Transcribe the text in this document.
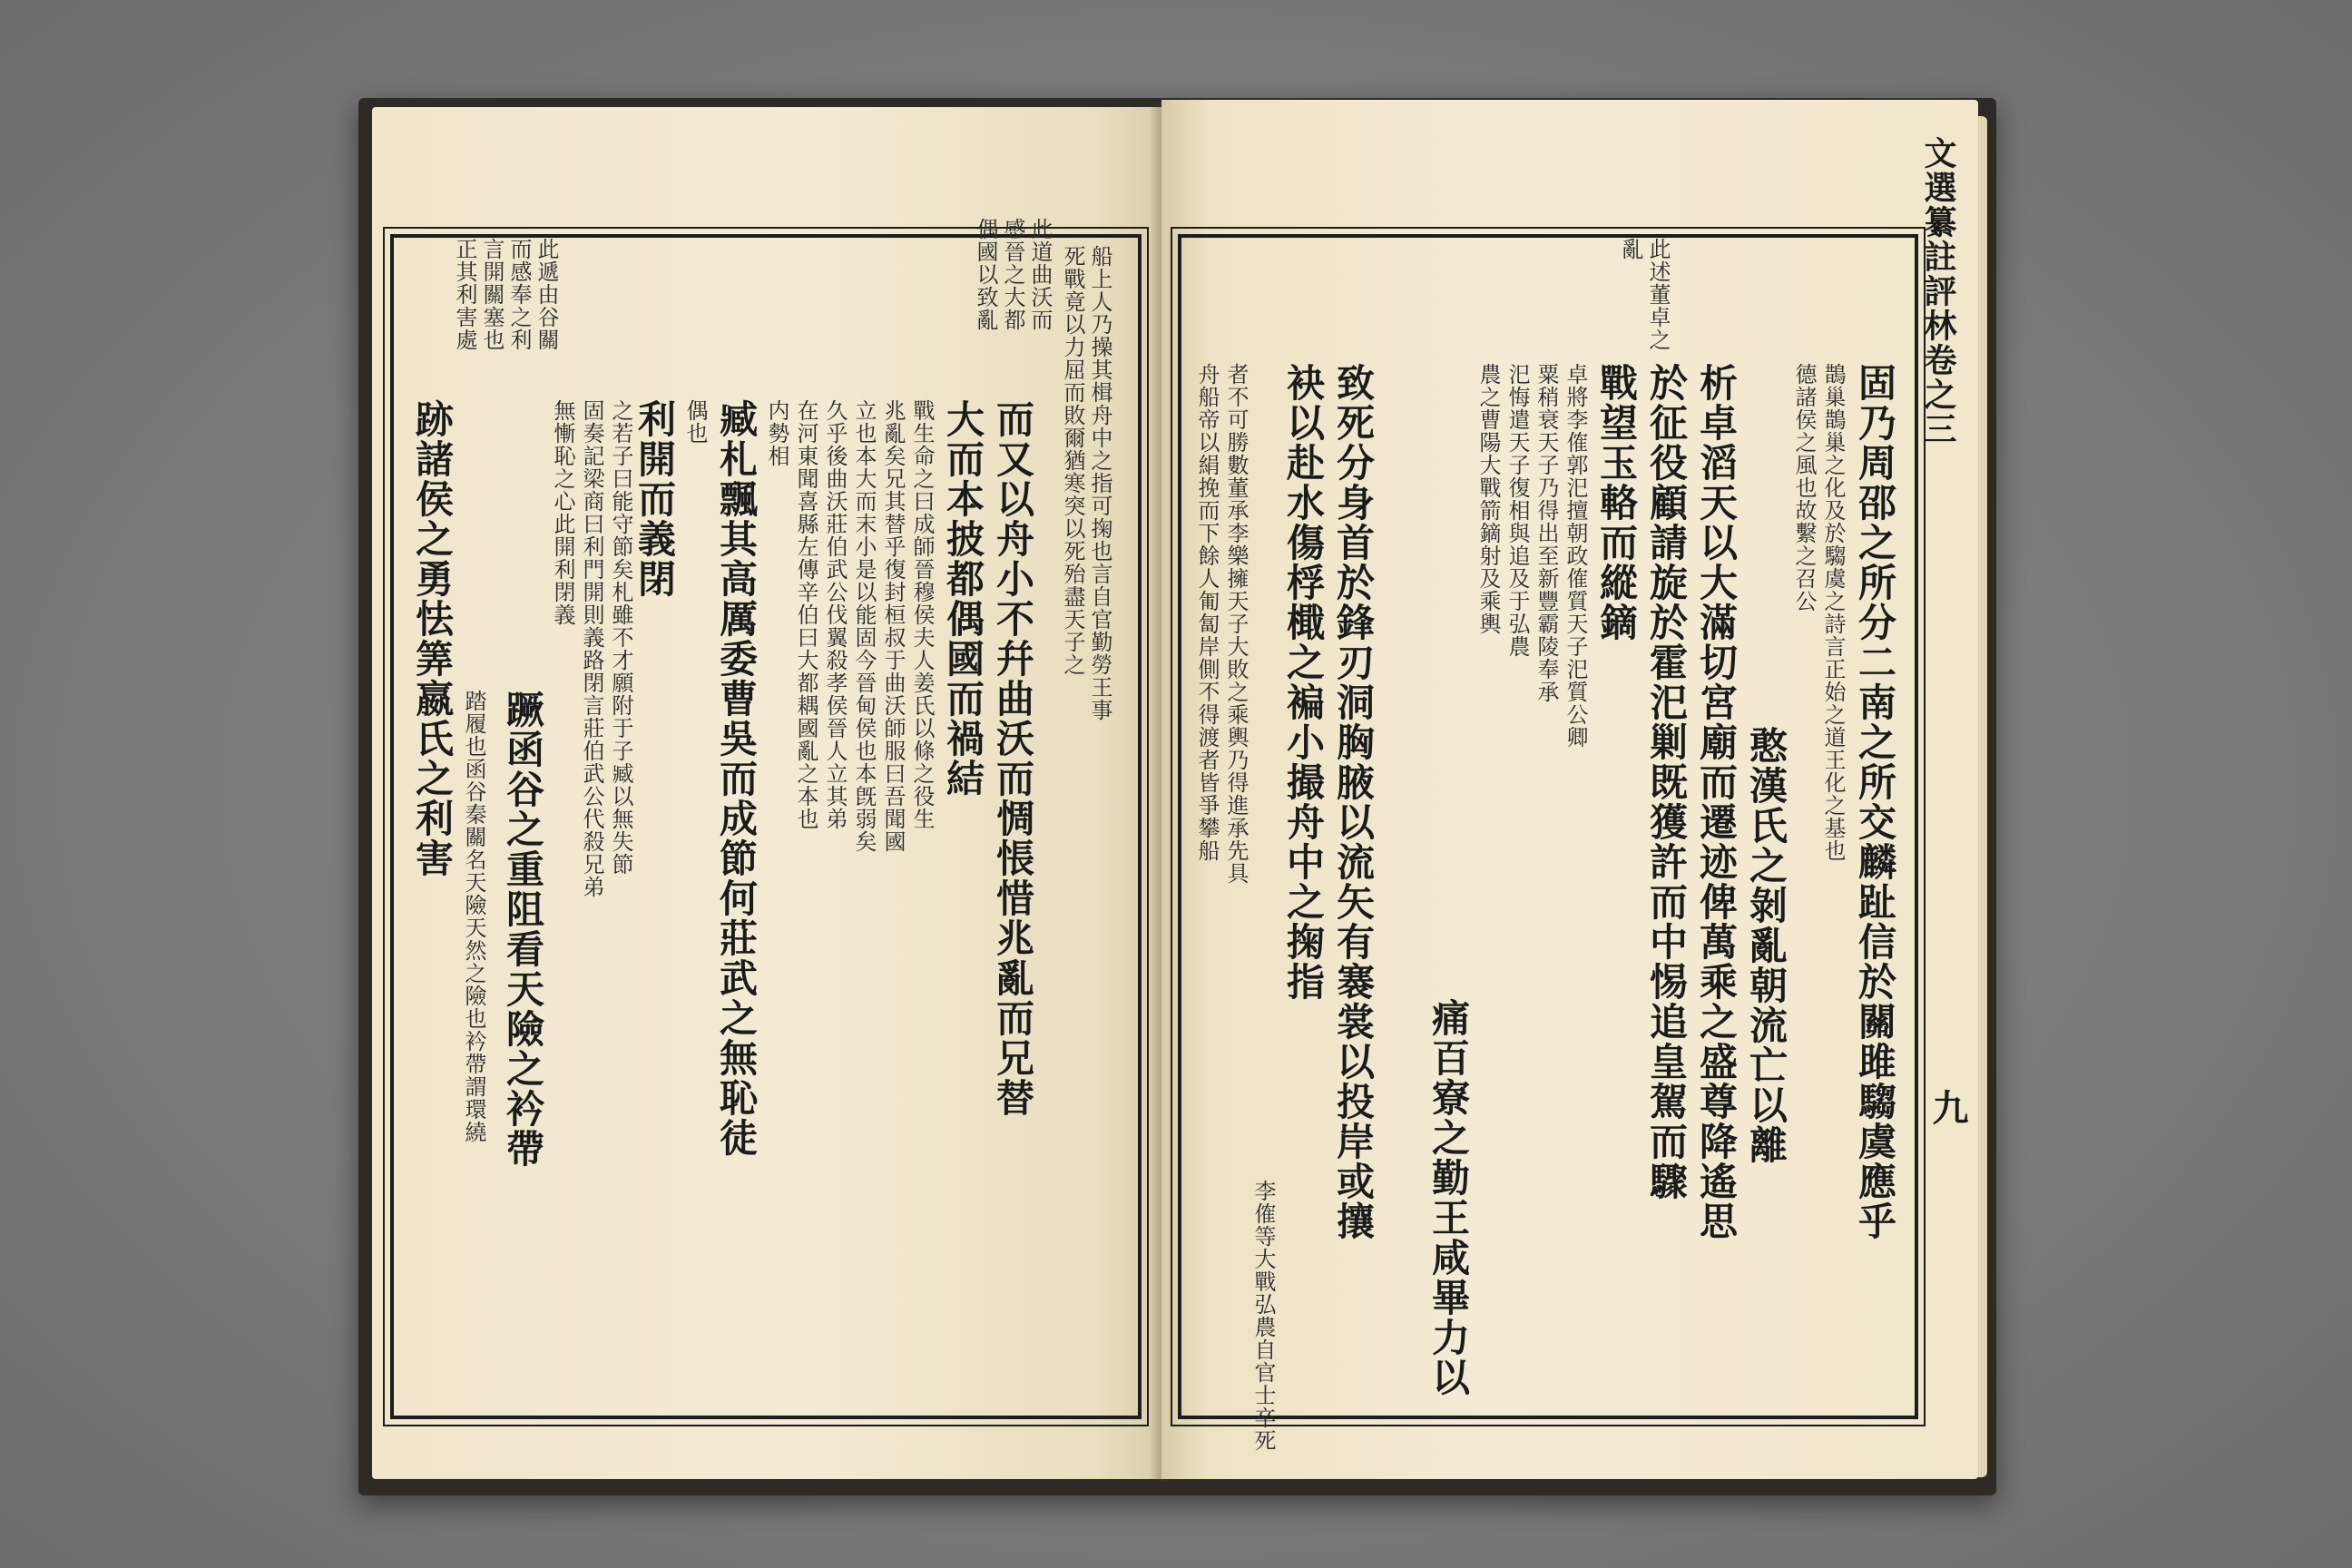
此道曲沃而
感晉之大都
偶國以致亂
此遞由谷關
而感奉之利
言開關塞也
正其利害處	船上人乃操其楫舟中之指可掬也言自官勤勞王事
死戰竟以力屈而敗爾猶寒突以死殆盡天子之
大而本披都偶國而禍結 而又以舟小不幷曲沃而惆悵惜兆亂而兄替
戰生命之曰成師晉穆侯夫人姜氏以條之役生
兆亂矣兄其替乎復封桓叔于曲沃師服曰吾聞國
立也本大而末小是以能固今晉甸侯也本旣弱矣
久乎後曲沃莊伯武公伐翼殺孝侯晉人立其弟
在河東聞喜縣左傳辛伯曰大都耦國亂之本也
内勢相
臧札飄其高厲委曹吳而成節何莊武之無恥徒
偶也
利開而義閉
之若子曰能守節矣札雖不才願附于子臧以無失節
固奏記梁商曰利門開則義路閉言莊伯武公代殺兄弟
跡諸侯之勇怯筭嬴氏之利害	無慚恥之心此開利閉義
蹶函谷之重阻看天險之衿帶
踏履也函谷秦關名天險天然之險也衿帶謂環繞
文選纂註評林卷之三
九
此述董卓之
亂
固乃周邵之所分二南之所交麟趾信於關雎騶虞應乎
鵲巢鵲巢之化及於騶虞之詩言正始之道王化之基也
德諸侯之風也故繫之召公
憨漢氏之剝亂朝流亡以離
析卓滔天以大滿切宮廟而遷迹俾萬乘之盛尊降遙思
於征役顧請旋於霍汜剿既獲許而中惕追皇駕而驟
戰望玉輅而縱鏑
卓將李傕郭汜擅朝政傕質天子汜質公卿
粟稍衰天子乃得出至新豐霸陵奉承
汜悔遣天子復相與追及于弘農
農之曹陽大戰箭鏑射及乘輿
致死分身首於鋒刃洞胸腋以流矢有褰裳以投岸或攘
袂以赴水傷桴檝之褊小撮舟中之掬指
痛百寮之勤王咸畢力以
李傕等大戰弘農自官士卒死
者不可勝數董承李樂擁天子大敗之乘輿乃得進承先具
舟船帝以絹挽而下餘人匍匐岸側不得渡者皆爭攀船
